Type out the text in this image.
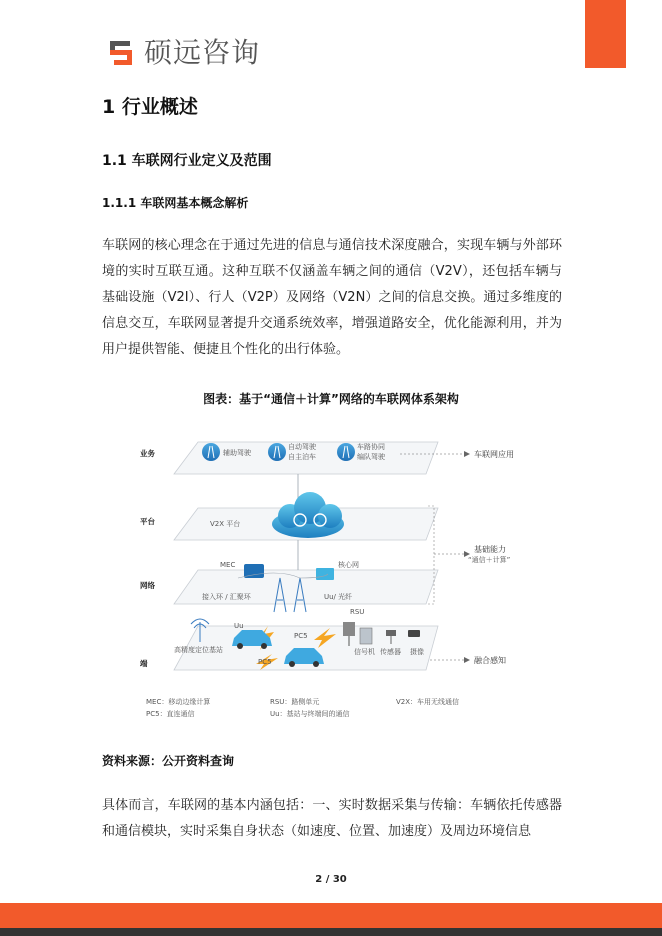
硕远咨询
1 行业概述
1.1 车联网行业定义及范围
1.1.1 车联网基本概念解析

车联网的核心理念在于通过先进的信息与通信技术深度融合，实现车辆与外部环境的实时互联互通。这种互联不仅涵盖车辆之间的通信（V2V），还包括车辆与基础设施（V2I）、行人（V2P）及网络（V2N）之间的信息交换。通过多维度的信息交互，车联网显著提升交通系统效率，增强道路安全，优化能源利用，并为用户提供智能、便捷且个性化的出行体验。

图表：基于“通信＋计算”网络的车联网体系架构
业务
平台
网络
端
辅助驾驶
自动驾驶
自主泊车
车路协同
编队驾驶
V2X 平台
MEC	核心网
接入环 / 汇聚环	Uu/ 光纤
RSU
Uu
PC5
PC5
高精度定位基站	信号机 传感器 摄像
车联网应用
基础能力
“通信＋计算”
融合感知
MEC：移动边缘计算	RSU：路侧单元	V2X：车用无线通信
PC5：直连通信	Uu：基站与终端间的通信
资料来源：公开资料查询

具体而言，车联网的基本内涵包括：一、实时数据采集与传输：车辆依托传感器和通信模块，实时采集自身状态（如速度、位置、加速度）及周边环境信息

2 / 30
